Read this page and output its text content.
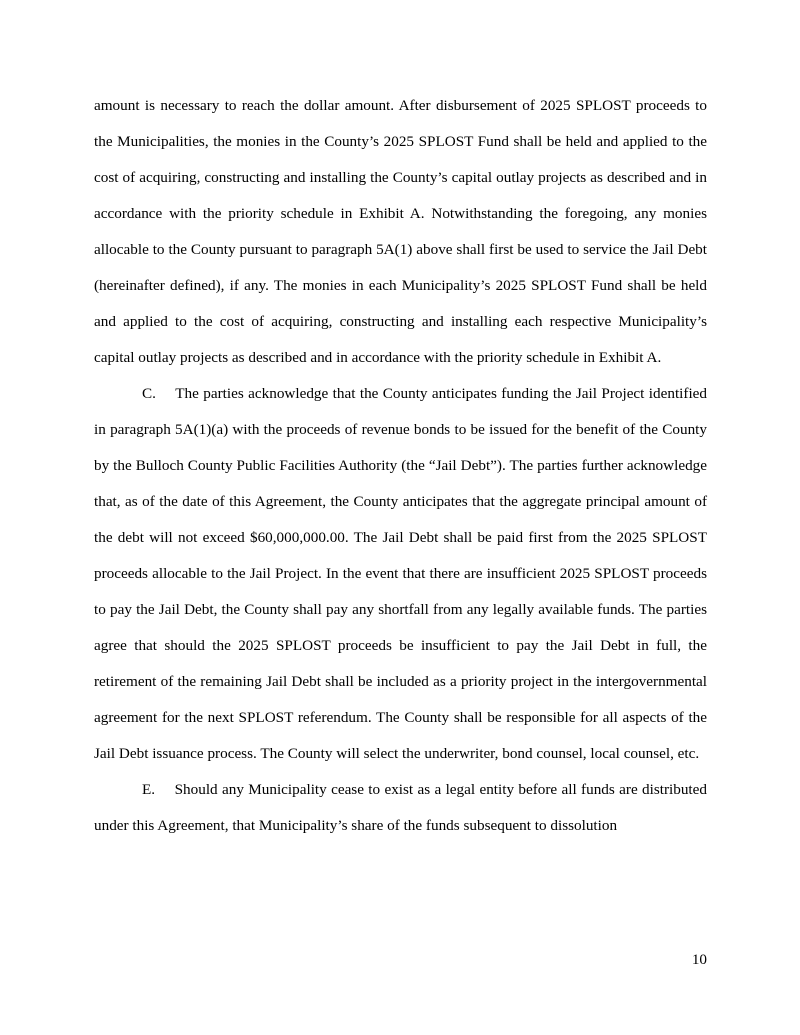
amount is necessary to reach the dollar amount. After disbursement of 2025 SPLOST proceeds to the Municipalities, the monies in the County’s 2025 SPLOST Fund shall be held and applied to the cost of acquiring, constructing and installing the County’s capital outlay projects as described and in accordance with the priority schedule in Exhibit A. Notwithstanding the foregoing, any monies allocable to the County pursuant to paragraph 5A(1) above shall first be used to service the Jail Debt (hereinafter defined), if any. The monies in each Municipality’s 2025 SPLOST Fund shall be held and applied to the cost of acquiring, constructing and installing each respective Municipality’s capital outlay projects as described and in accordance with the priority schedule in Exhibit A.

C.  The parties acknowledge that the County anticipates funding the Jail Project identified in paragraph 5A(1)(a) with the proceeds of revenue bonds to be issued for the benefit of the County by the Bulloch County Public Facilities Authority (the “Jail Debt”). The parties further acknowledge that, as of the date of this Agreement, the County anticipates that the aggregate principal amount of the debt will not exceed $60,000,000.00. The Jail Debt shall be paid first from the 2025 SPLOST proceeds allocable to the Jail Project. In the event that there are insufficient 2025 SPLOST proceeds to pay the Jail Debt, the County shall pay any shortfall from any legally available funds. The parties agree that should the 2025 SPLOST proceeds be insufficient to pay the Jail Debt in full, the retirement of the remaining Jail Debt shall be included as a priority project in the intergovernmental agreement for the next SPLOST referendum. The County shall be responsible for all aspects of the Jail Debt issuance process. The County will select the underwriter, bond counsel, local counsel, etc.

E.  Should any Municipality cease to exist as a legal entity before all funds are distributed under this Agreement, that Municipality’s share of the funds subsequent to dissolution

10
